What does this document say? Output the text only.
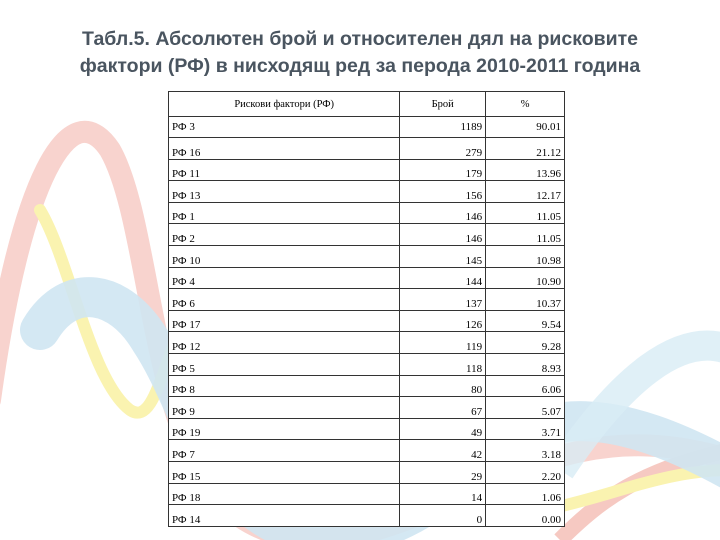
Табл.5. Абсолютен брой и относителен дял на рисковите
фактори (РФ) в нисходящ ред за перода 2010-2011 година
Рискови фактори (РФ)	Брой	%
РФ 3	1189	90.01
РФ 16	279	21.12
РФ 11	179	13.96
РФ 13	156	12.17
РФ 1	146	11.05
РФ 2	146	11.05
РФ 10	145	10.98
РФ 4	144	10.90
РФ 6	137	10.37
РФ 17	126	9.54
РФ 12	119	9.28
РФ 5	118	8.93
РФ 8	80	6.06
РФ 9	67	5.07
РФ 19	49	3.71
РФ 7	42	3.18
РФ 15	29	2.20
РФ 18	14	1.06
РФ 14	0	0.00
